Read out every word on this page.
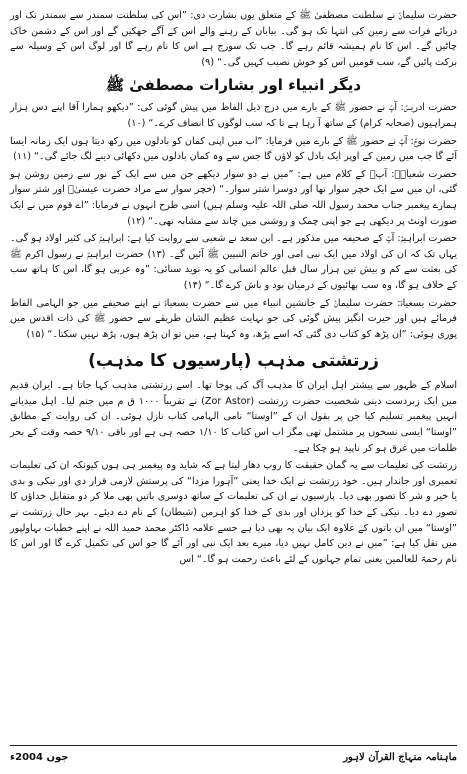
حضرت سلیمانؑ نے سلطنت مصطفیٰ ﷺ کے متعلق یوں بشارت دی: ”اس کی سلطنت سمندر سے سمندر تک اور دریائے فرات سے زمین کی انتہا تک ہو گی۔ بیابان کے رہنے والے اس کے آگے جھکیں گے اور اس کے دشمن خاک چاٹیں گے۔ اس کا نام ہمیشہ قائم رہے گا۔ جب تک سورج ہے اس کا نام رہے گا اور لوگ اس کے وسیلہ سے برکت پائیں گے، سب قومیں اس کو خوش نصیب کہیں گی۔“ (۹)

دیگر انبیاء اور بشارات مصطفیٰ ﷺ

حضرت ادریسؑ: آپؑ نے حضور ﷺ کے بارے میں درج ذیل الفاظ میں پیش گوئی کی: ”دیکھو ہمارا آقا اپنے دس ہزار ہمراہیوں (صحابہ کرام) کے ساتھ آ رہا ہے تا کہ سب لوگوں کا انصاف کرے۔“ (۱۰)

حضرت نوحؑ: آپؑ نے حضور ﷺ کے بارے میں فرمایا: ”اب میں اپنی کمان کو بادلوں میں رکھ دیتا ہوں ایک زمانہ ایسا آئے گا جب میں زمین کے اوپر ایک بادل کو لاؤں گا جس سے وہ کمان بادلوں میں دکھائی دینے لگ جائے گی۔“ (۱۱)

حضرت شعیاہؑ: آپؑ کے کلام میں ہے: ”میں نے دو سوار دیکھے جن میں سے ایک کے نور سے زمین روشن ہو گئی، ان میں سے ایک خچر سوار تھا اور دوسرا شتر سوار۔“ (خچر سوار سے مراد حضرت عیسیٰؑ اور شتر سوار ہمارے پیغمبر جناب محمد رسول اللہ صلی اللہ علیہ وسلم ہیں) اسی طرح انہوں نے فرمایا: ”اے قوم میں نے ایک صورت اونٹ پر دیکھی ہے جو اپنی چمک و روشنی میں چاند سے مشابہ تھی۔“ (۱۲)

حضرت ابراہیمؑ: آپؑ کے صحیفہ میں مذکور ہے۔ ابن سعد نے شعبی سے روایت کیا ہے: ابراہیمؑ کی کثیر اولاد ہو گی۔ یہاں تک کہ ان کی اولاد میں ایک نبی امی اور خاتم النبیین ﷺ آئیں گے۔ (۱۳) حضرت ابراہیمؑ نے رسول اکرم ﷺ کی بعثت سے کم و بیش تین ہزار سال قبل عالم انسانی کو یہ نوید سنائی: ”وہ عربی ہو گا، اس کا ہاتھ سب کے خلاف ہو گا، وہ سب بھائیوں کے درمیان بود و باش کرے گا۔“ (۱۴)

حضرت یسعیاہؑ: حضرت سلیمانؑ کے جانشین انبیاء میں سے حضرت یسعیاہؑ نے اپنے صحیفے میں جو الہامی الفاظ فرمائے ہیں اور حیرت انگیز پیش گوئی کی جو نہایت عظیم الشان طریقے سے حضور ﷺ کی ذات اقدس میں پوری ہوئی: ”ان پڑھ کو کتاب دی گئی کہ اسے پڑھ، وہ کہتا ہے، میں تو ان پڑھ ہوں، پڑھ نہیں سکتا۔“ (۱۵)

زرتشتی مذہب (پارسیوں کا مذہب)

اسلام کے ظہور سے پیشتر اہل ایران کا مذہب آگ کی پوجا تھا۔ اسے زرتشتی مذہب کہا جاتا ہے۔ ایران قدیم میں ایک زبردست دینی شخصیت حضرت زرتشت (Zor Astor) نے تقریباً ۱۰۰۰ ق م میں جنم لیا۔ اہل میدیانے انہیں پیغمبر تسلیم کیا جن پر بقول ان کے ”اوستا“ نامی الہامی کتاب نازل ہوئی۔ ان کی روایت کے مطابق ”اوستا“ ایسی نسخوں پر مشتمل تھی مگر اب اس کتاب کا ۱/۱۰ حصہ ہی ہے اور باقی ۹/۱۰ حصہ وقت کے بحر ظلمات میں غرق ہو کر ناپید ہو چکا ہے۔

زرتشت کی تعلیمات سے یہ گمان حقیقت کا روپ دھار لیتا ہے کہ شاید وہ پیغمبر ہی ہوں کیونکہ ان کی تعلیمات تعمیری اور جاندار ہیں۔ خود زرتشت نے ایک خدا یعنی ”آہورا مزدا“ کی پرستش لازمی قرار دی اور نیکی و بدی یا خیر و شر کا تصور بھی دیا۔ پارسیوں نے ان کی تعلیمات کے ساتھ دوسری باتیں بھی ملا کر دو متقابل خداؤں کا تصور دے دیا۔ نیکی کے خدا کو یزداں اور بدی کے خدا کو اہرمن (شیطان) کے نام دے دیئے۔ بہر حال زرتشت نے ”اوستا“ میں ان باتوں کے علاوہ ایک بیان یہ بھی دیا ہے جسے علامہ ڈاکٹر محمد حمید اللہ نے اپنے خطبات بہاولپور میں نقل کیا ہے: ”میں نے دین کامل نہیں دیا، میرے بعد ایک نبی اور آئے گا جو اس کی تکمیل کرے گا اور اس کا نام رحمۃ للعالمین یعنی تمام جہانوں کے لئے باعث رحمت ہو گا۔“ اس

ماہنامہ منہاج القرآن لاہور
جون 2004ء
